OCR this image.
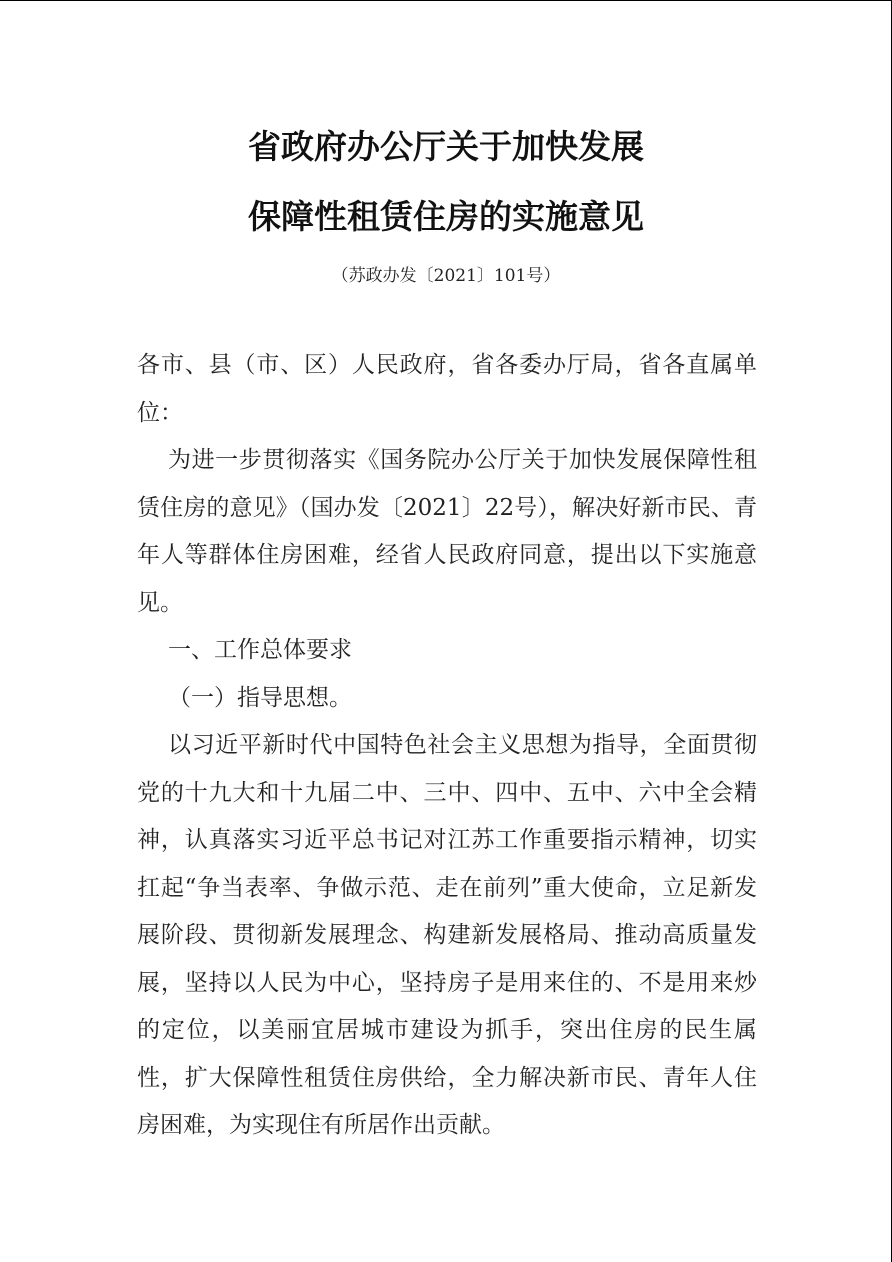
省政府办公厅关于加快发展
保障性租赁住房的实施意见
（苏政办发〔2021〕101号）

各市、县（市、区）人民政府，省各委办厅局，省各直属单位：

为进一步贯彻落实《国务院办公厅关于加快发展保障性租赁住房的意见》（国办发〔2021〕22号），解决好新市民、青年人等群体住房困难，经省人民政府同意，提出以下实施意见。

一、工作总体要求

（一）指导思想。

以习近平新时代中国特色社会主义思想为指导，全面贯彻党的十九大和十九届二中、三中、四中、五中、六中全会精神，认真落实习近平总书记对江苏工作重要指示精神，切实扛起“争当表率、争做示范、走在前列”重大使命，立足新发展阶段、贯彻新发展理念、构建新发展格局、推动高质量发展，坚持以人民为中心，坚持房子是用来住的、不是用来炒的定位，以美丽宜居城市建设为抓手，突出住房的民生属性，扩大保障性租赁住房供给，全力解决新市民、青年人住房困难，为实现住有所居作出贡献。
